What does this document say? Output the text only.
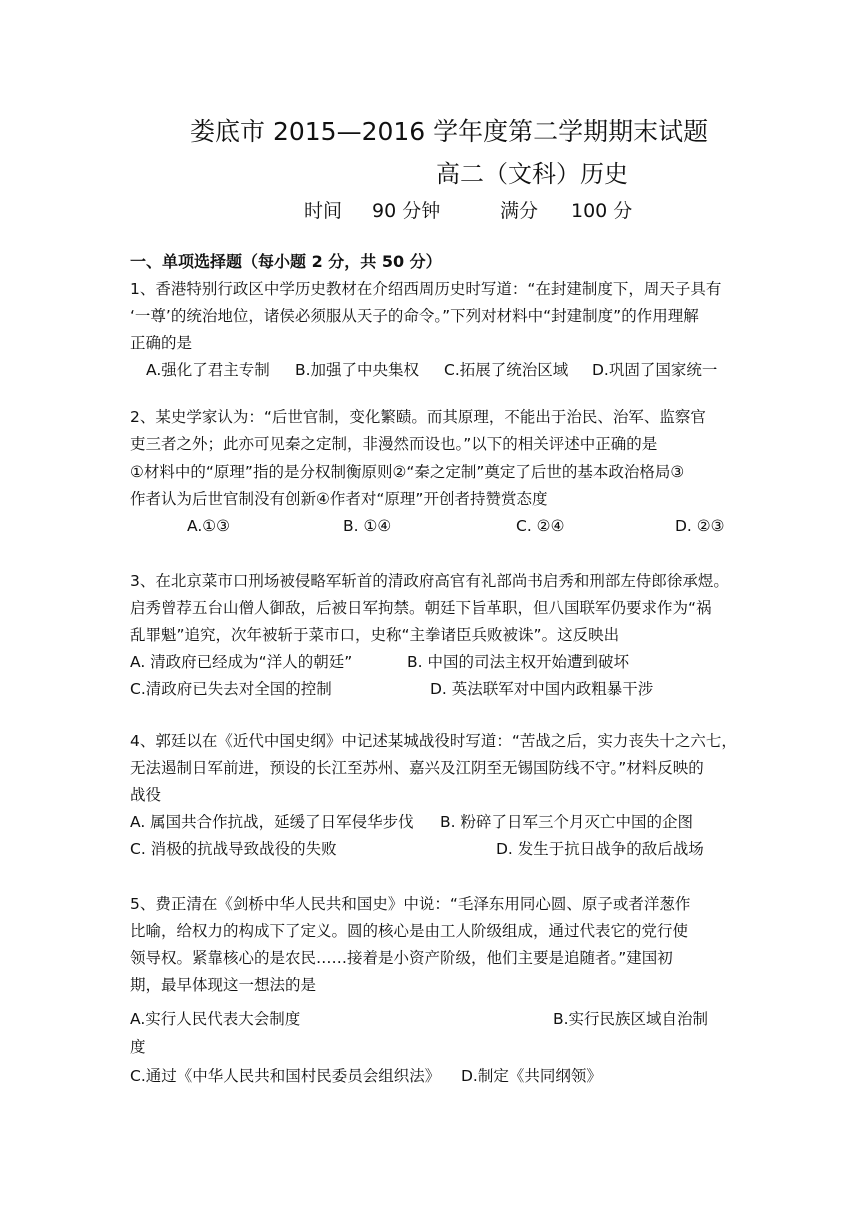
娄底市 2015—2016 学年度第二学期期末试题
高二（文科）历史
时间 90 分钟	满分 100 分
一、单项选择题（每小题 2 分，共 50 分）
1、香港特别行政区中学历史教材在介绍西周历史时写道：“在封建制度下，周天子具有
‘一尊’的统治地位，诸侯必须服从天子的命令。”下列对材料中“封建制度”的作用理解
正确的是
A.强化了君主专制 B.加强了中央集权 C.拓展了统治区域 D.巩固了国家统一
2、某史学家认为：“后世官制，变化繁赜。而其原理，不能出于治民、治军、监察官
吏三者之外；此亦可见秦之定制，非漫然而设也。”以下的相关评述中正确的是
①材料中的“原理”指的是分权制衡原则②“秦之定制”奠定了后世的基本政治格局③
作者认为后世官制没有创新④作者对“原理”开创者持赞赏态度
A.①③	B. ①④	C. ②④	D. ②③
3、在北京菜市口刑场被侵略军斩首的清政府高官有礼部尚书启秀和刑部左侍郎徐承煜。
启秀曾荐五台山僧人御敌，后被日军拘禁。朝廷下旨革职，但八国联军仍要求作为“祸
乱罪魁”追究，次年被斩于菜市口，史称“主拳诸臣兵败被诛”。这反映出
A. 清政府已经成为“洋人的朝廷”	B. 中国的司法主权开始遭到破坏
C.清政府已失去对全国的控制	D. 英法联军对中国内政粗暴干涉
4、郭廷以在《近代中国史纲》中记述某城战役时写道：“苦战之后，实力丧失十之六七，
无法遏制日军前进，预设的长江至苏州、嘉兴及江阴至无锡国防线不守。”材料反映的
战役
A. 属国共合作抗战，延缓了日军侵华步伐 B. 粉碎了日军三个月灭亡中国的企图
C. 消极的抗战导致战役的失败	D. 发生于抗日战争的敌后战场
5、费正清在《剑桥中华人民共和国史》中说：“毛泽东用同心圆、原子或者洋葱作
比喻，给权力的构成下了定义。圆的核心是由工人阶级组成，通过代表它的党行使
领导权。紧靠核心的是农民……接着是小资产阶级，他们主要是追随者。”建国初
期，最早体现这一想法的是
A.实行人民代表大会制度	B.实行民族区域自治制
度
C.通过《中华人民共和国村民委员会组织法》 D.制定《共同纲领》
